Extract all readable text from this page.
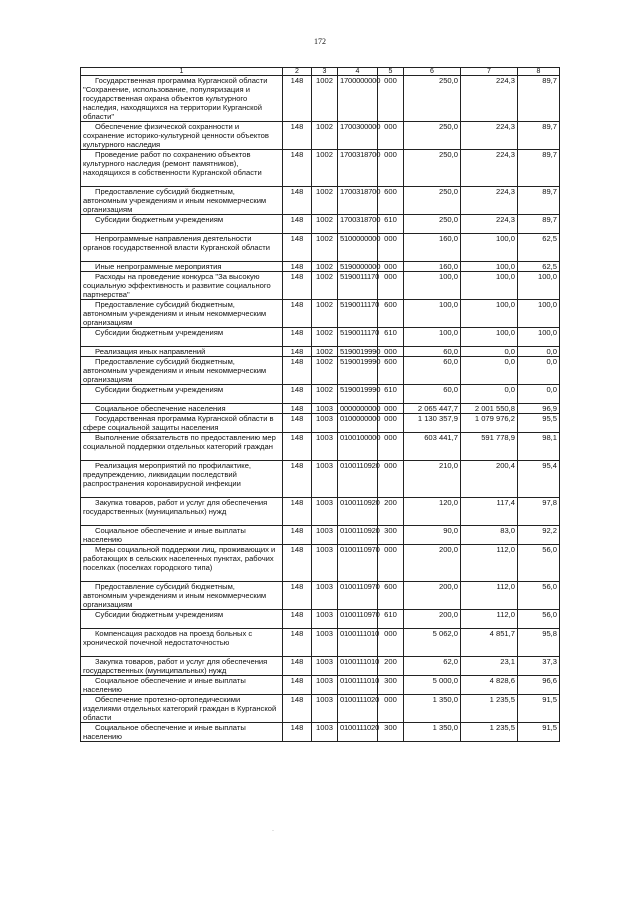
172
1	2	3	4	5	6	7	8

Государственная программа Курганской области "Сохранение, использование, популяризация и государственная охрана объектов культурного наследия, находящихся на территории Курганской области"	148	1002	1700000000	000	250,0	224,3	89,7

Обеспечение физической сохранности и сохранение историко-культурной ценности объектов культурного наследия	148	1002	1700300000	000	250,0	224,3	89,7

Проведение работ по сохранению объектов культурного наследия (ремонт памятников), находящихся в собственности Курганской области	148	1002	1700318700	000	250,0	224,3	89,7

Предоставление субсидий бюджетным, автономным учреждениям и иным некоммерческим организациям	148	1002	1700318700	600	250,0	224,3	89,7

Субсидии бюджетным учреждениям	148	1002	1700318700	610	250,0	224,3	89,7

Непрограммные направления деятельности органов государственной власти Курганской области	148	1002	5100000000	000	160,0	100,0	62,5

Иные непрограммные мероприятия	148	1002	5190000000	000	160,0	100,0	62,5

Расходы на проведение конкурса "За высокую социальную эффективность и развитие социального партнерства"	148	1002	5190011170	000	100,0	100,0	100,0

Предоставление субсидий бюджетным, автономным учреждениям и иным некоммерческим организациям	148	1002	5190011170	600	100,0	100,0	100,0

Субсидии бюджетным учреждениям	148	1002	5190011170	610	100,0	100,0	100,0

Реализация иных направлений	148	1002	5190019990	000	60,0	0,0	0,0

Предоставление субсидий бюджетным, автономным учреждениям и иным некоммерческим организациям	148	1002	5190019990	600	60,0	0,0	0,0

Субсидии бюджетным учреждениям	148	1002	5190019990	610	60,0	0,0	0,0

Социальное обеспечение населения	148	1003	0000000000	000	2 065 447,7	2 001 550,8	96,9

Государственная программа Курганской области в сфере социальной защиты населения	148	1003	0100000000	000	1 130 357,9	1 079 976,2	95,5

Выполнение обязательств по предоставлению мер социальной поддержки отдельных категорий граждан	148	1003	0100100000	000	603 441,7	591 778,9	98,1

Реализация мероприятий по профилактике, предупреждению, ликвидации последствий распространения коронавирусной инфекции	148	1003	0100110920	000	210,0	200,4	95,4

Закупка товаров, работ и услуг для обеспечения государственных (муниципальных) нужд	148	1003	0100110920	200	120,0	117,4	97,8

Социальное обеспечение и иные выплаты населению	148	1003	0100110920	300	90,0	83,0	92,2

Меры социальной поддержки лиц, проживающих и работающих в сельских населенных пунктах, рабочих поселках (поселках городского типа)	148	1003	0100110970	000	200,0	112,0	56,0

Предоставление субсидий бюджетным, автономным учреждениям и иным некоммерческим организациям	148	1003	0100110970	600	200,0	112,0	56,0

Субсидии бюджетным учреждениям	148	1003	0100110970	610	200,0	112,0	56,0

Компенсация расходов на проезд больных с хронической почечной недостаточностью	148	1003	0100111010	000	5 062,0	4 851,7	95,8

Закупка товаров, работ и услуг для обеспечения государственных (муниципальных) нужд	148	1003	0100111010	200	62,0	23,1	37,3

Социальное обеспечение и иные выплаты населению	148	1003	0100111010	300	5 000,0	4 828,6	96,6

Обеспечение протезно-ортопедическими изделиями отдельных категорий граждан в Курганской области	148	1003	0100111020	000	1 350,0	1 235,5	91,5

Социальное обеспечение и иные выплаты населению	148	1003	0100111020	300	1 350,0	1 235,5	91,5
·
